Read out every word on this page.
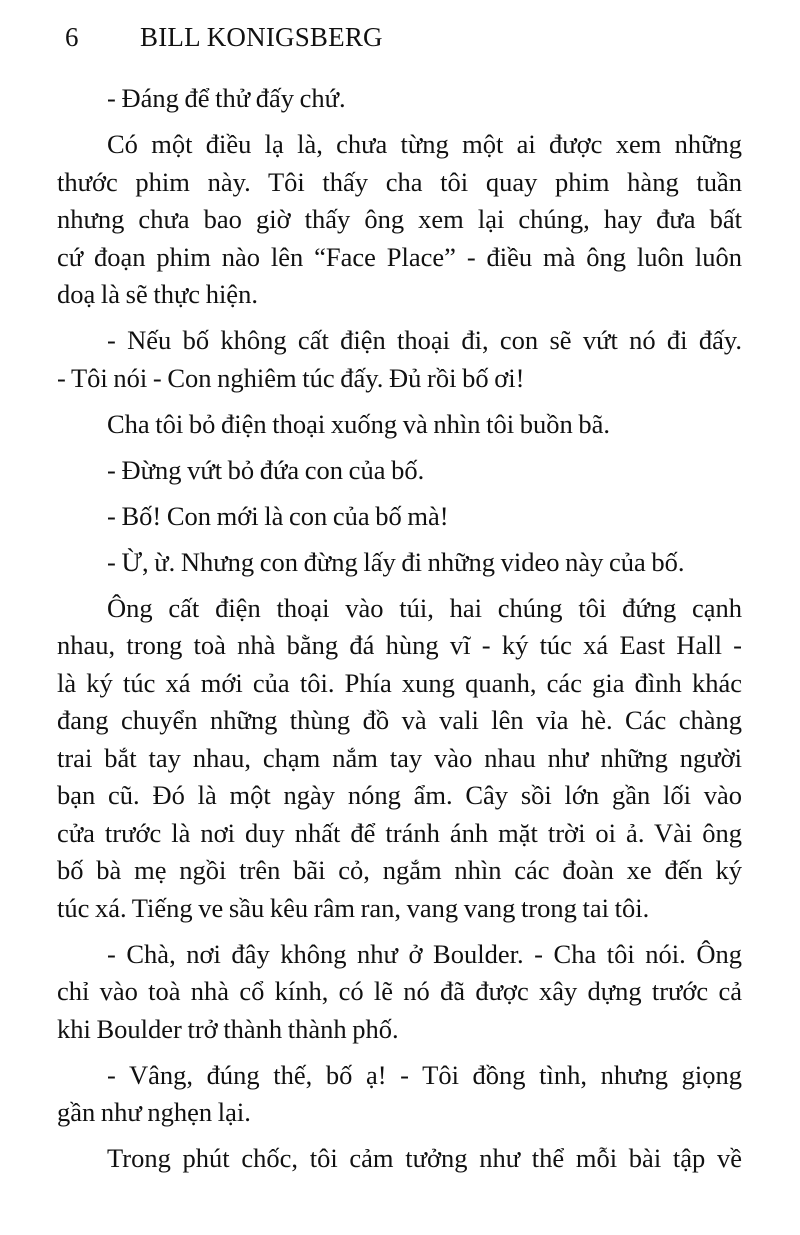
6 BILL KONIGSBERG
- Đáng để thử đấy chứ.
Có một điều lạ là, chưa từng một ai được xem những
thước phim này. Tôi thấy cha tôi quay phim hàng tuần
nhưng chưa bao giờ thấy ông xem lại chúng, hay đưa bất
cứ đoạn phim nào lên “Face Place” - điều mà ông luôn luôn
doạ là sẽ thực hiện.
- Nếu bố không cất điện thoại đi, con sẽ vứt nó đi đấy.
- Tôi nói - Con nghiêm túc đấy. Đủ rồi bố ơi!
Cha tôi bỏ điện thoại xuống và nhìn tôi buồn bã.
- Đừng vứt bỏ đứa con của bố.
- Bố! Con mới là con của bố mà!
- Ừ, ừ. Nhưng con đừng lấy đi những video này của bố.
Ông cất điện thoại vào túi, hai chúng tôi đứng cạnh
nhau, trong toà nhà bằng đá hùng vĩ - ký túc xá East Hall -
là ký túc xá mới của tôi. Phía xung quanh, các gia đình khác
đang chuyển những thùng đồ và vali lên vỉa hè. Các chàng
trai bắt tay nhau, chạm nắm tay vào nhau như những người
bạn cũ. Đó là một ngày nóng ẩm. Cây sồi lớn gần lối vào
cửa trước là nơi duy nhất để tránh ánh mặt trời oi ả. Vài ông
bố bà mẹ ngồi trên bãi cỏ, ngắm nhìn các đoàn xe đến ký
túc xá. Tiếng ve sầu kêu râm ran, vang vang trong tai tôi.
- Chà, nơi đây không như ở Boulder. - Cha tôi nói. Ông
chỉ vào toà nhà cổ kính, có lẽ nó đã được xây dựng trước cả
khi Boulder trở thành thành phố.
- Vâng, đúng thế, bố ạ! - Tôi đồng tình, nhưng giọng
gần như nghẹn lại.
Trong phút chốc, tôi cảm tưởng như thể mỗi bài tập về
